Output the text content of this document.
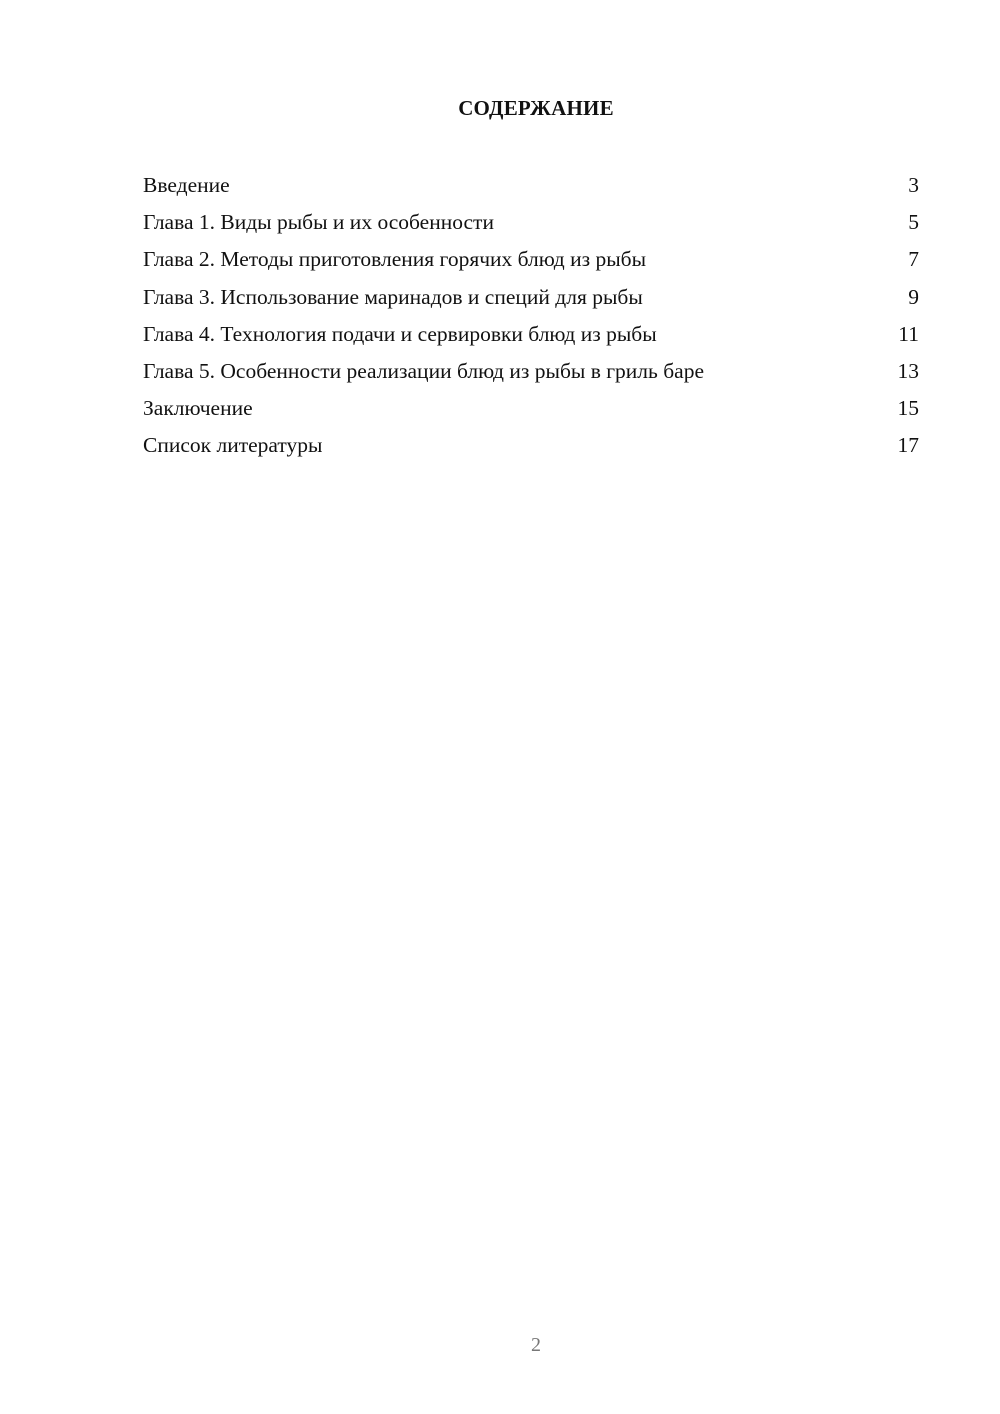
СОДЕРЖАНИЕ
Введение	3
Глава 1. Виды рыбы и их особенности	5
Глава 2. Методы приготовления горячих блюд из рыбы	7
Глава 3. Использование маринадов и специй для рыбы	9
Глава 4. Технология подачи и сервировки блюд из рыбы	11
Глава 5. Особенности реализации блюд из рыбы в гриль баре	13
Заключение	15
Список литературы	17
2
